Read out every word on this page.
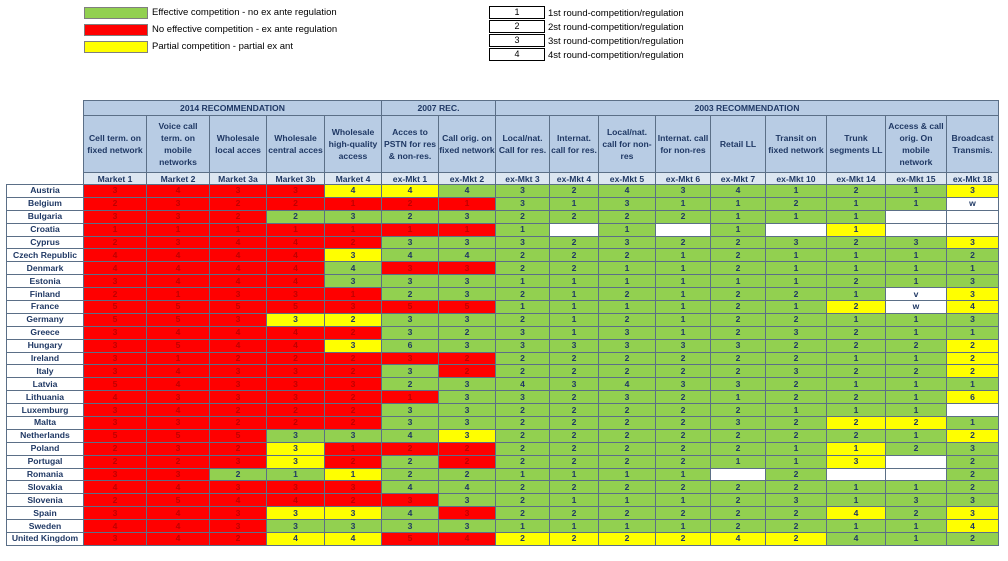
Effective competition - no ex ante regulation
No effective competition - ex ante regulation
Partial competition - partial ex ant
1	1st round-competition/regulation
2	2st round-competition/regulation
3	3st round-competition/regulation
4	4st round-competition/regulation
	2014 RECOMMENDATION					2007 REC.		2003 RECOMMENDATION								
	Cell term. on fixed network	Voice call term. on mobile networks	Wholesale local acces	Wholesale central acces	Wholesale high-quality access	Acces to PSTN for res & non-res.	Call orig. on fixed network	Local/nat. Call for res.	Internat. call for res.	Local/nat. call for non-res	Internat. call for non-res	Retail LL	Transit on fixed network	Trunk segments LL	Access & call orig. On mobile network	Broadcast Transmis.
	Market 1	Market 2	Market 3a	Market 3b	Market 4	ex-Mkt 1	ex-Mkt 2	ex-Mkt 3	ex-Mkt 4	ex-Mkt 5	ex-Mkt 6	ex-Mkt 7	ex-Mkt 10	ex-Mkt 14	ex-Mkt 15	ex-Mkt 18
Austria	3	4	3	3	4	4	4	3	2	4	3	4	1	2	1	3
Belgium	2	3	2	2	1	2	1	3	1	3	1	1	2	1	1	w
Bulgaria	3	3	2	2	3	2	3	2	2	2	2	1	1	1		
Croatia	1	1	1	1	1	1	1	1		1		1		1		
Cyprus	2	3	4	4	2	3	3	3	2	3	2	2	3	2	3	3
Czech Republic	4	4	4	4	3	4	4	2	2	2	1	2	1	1	1	2
Denmark	4	4	4	4	4	3	3	2	2	1	1	2	1	1	1	1
Estonia	3	4	4	4	3	3	3	1	1	1	1	1	1	2	1	3
Finland	2	1	3	3	1	2	3	2	1	2	1	2	2	1	v	3
France	5	5	5	5	3	5	5	1	1	1	1	2	1	2	w	4
Germany	5	5	3	3	2	3	3	2	1	2	1	2	2	1	1	3
Greece	3	4	4	4	2	3	2	3	1	3	1	2	3	2	1	1
Hungary	3	5	4	4	3	6	3	3	3	3	3	3	2	2	2	2
Ireland	3	1	2	2	2	3	2	2	2	2	2	2	2	1	1	2
Italy	3	4	3	3	2	3	2	2	2	2	2	2	3	2	2	2
Latvia	5	4	3	3	3	2	3	4	3	4	3	3	2	1	1	1
Lithuania	4	3	3	3	2	1	3	3	2	3	2	1	2	2	1	6
Luxemburg	3	4	2	2	2	3	3	2	2	2	2	2	1	1	1	
Malta	3	3	2	2	2	3	3	2	2	2	2	3	2	2	2	1
Netherlands	5	5	5	3	3	4	3	2	2	2	2	2	2	2	1	2
Poland	2	3	2	3	1	2	2	2	2	2	2	2	1	1	2	3
Portugal	2	2	3	3	2	2	2	2	2	2	2	1	1	3		2
Romania	3	3	2	1	1	2	2	1	1	1	1		2			2
Slovakia	4	4	3	3	3	4	4	2	2	2	2	2	2	1	1	2
Slovenia	2	5	4	4	2	3	3	2	1	1	1	2	3	1	3	3
Spain	3	4	3	3	3	4	3	2	2	2	2	2	2	4	2	3
Sweden	4	4	3	3	3	3	3	1	1	1	1	2	2	1	1	4
United Kingdom	3	4	2	4	4	5	4	2	2	2	2	4	2	4	1	2
